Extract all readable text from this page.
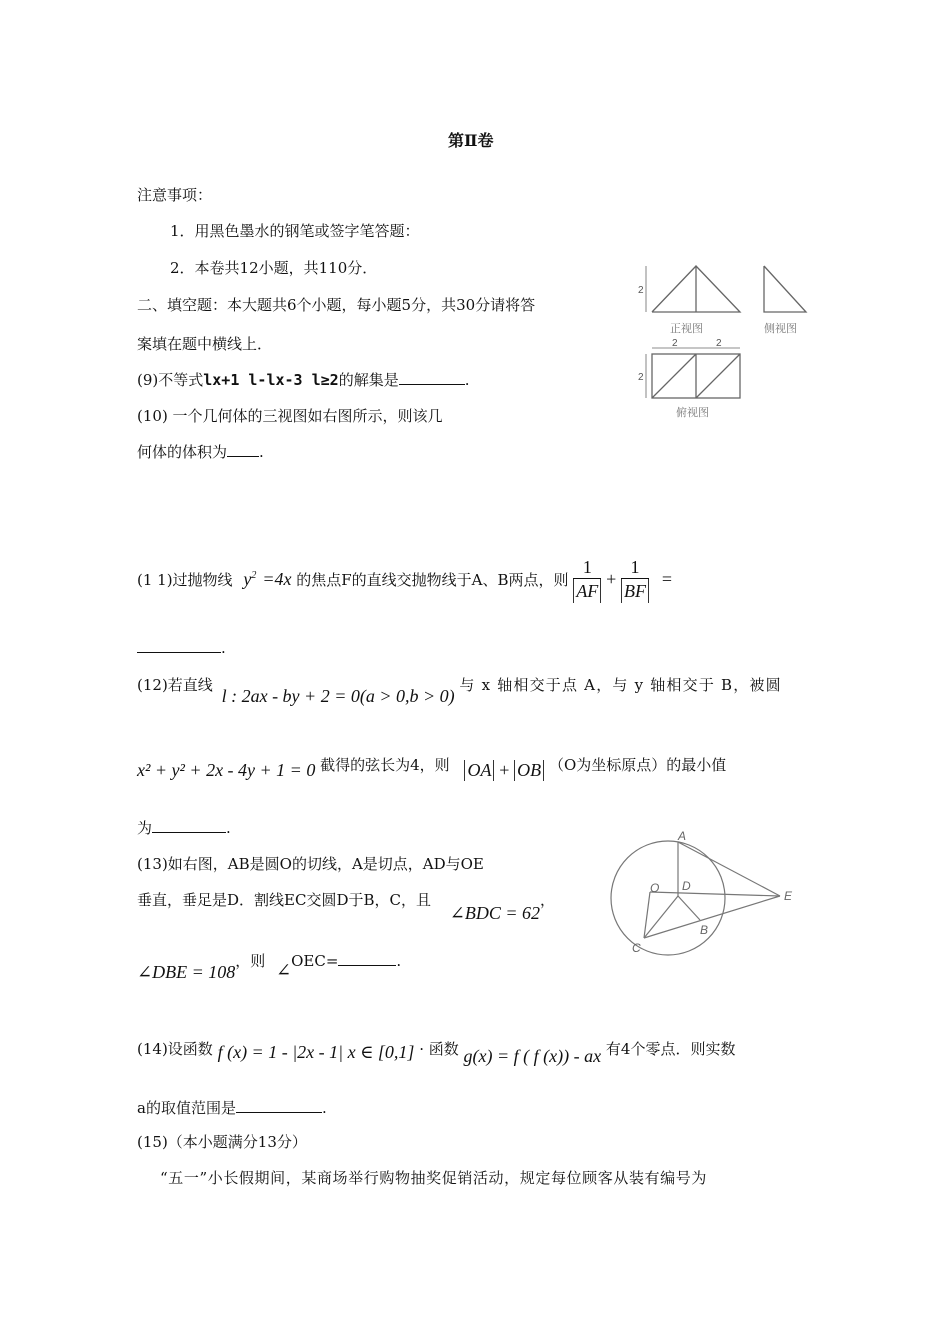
第Ⅱ卷
注意事项：
1．用黑色墨水的钢笔或签字笔答题：
2．本卷共12小题，共110分．
二、填空题：本大题共6个小题，每小题5分，共30分请将答
案填在题中横线上．
(9)不等式lx+1 l-lx-3 l≥2的解集是	.
(10) 一个几何体的三视图如右图所示，则该几
何体的体积为 .
2
正视图	侧视图
2	2
2
俯视图
(1 1)过抛物线 $y^2 =4x$ 的焦点F的直线交抛物线于A、B两点，则 $\frac{1}{AF} + \frac{1}{BF}$ =
.
(12)若直线 l : 2ax - by + 2 = 0(a > 0,b > 0) 与 x 轴相交于点 A，与 y 轴相交于 B，被圆
x² + y² + 2x - 4y + 1 = 0 截得的弦长为4，则 OA + OB （O为坐标原点）的最小值
为	.
(13)如右图，AB是圆O的切线，A是切点，AD与OE
垂直，垂足是D．割线EC交圆D于B，C，且 ∠BDC = 62，
∠DBE = 108，则 ∠OEC=	.
A
O D
E
B
C
(14)设函数 f (x) = 1 - |2x - 1| x ∈ [0,1] · 函数 g(x) = f ( f (x)) - ax 有4个零点．则实数
a的取值范围是	.
(15)（本小题满分13分）
“五一”小长假期间，某商场举行购物抽奖促销活动，规定每位顾客从装有编号为
